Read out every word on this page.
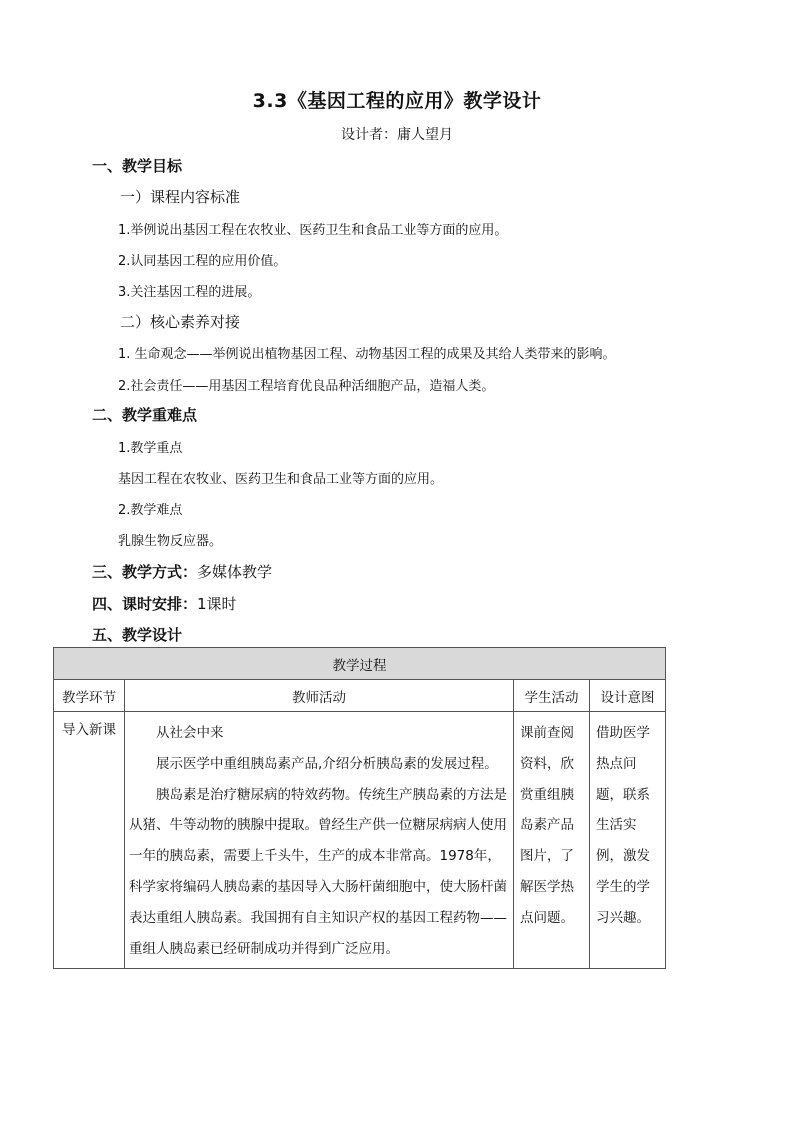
3.3《基因工程的应用》教学设计
设计者：庸人望月
一、教学目标
一）课程内容标准
1.举例说出基因工程在农牧业、医药卫生和食品工业等方面的应用。
2.认同基因工程的应用价值。
3.关注基因工程的进展。
二）核心素养对接
1. 生命观念——举例说出植物基因工程、动物基因工程的成果及其给人类带来的影响。
2.社会责任——用基因工程培育优良品种活细胞产品，造福人类。
二、教学重难点
1.教学重点
基因工程在农牧业、医药卫生和食品工业等方面的应用。
2.教学难点
乳腺生物反应器。
三、教学方式：多媒体教学
四、课时安排：1课时
五、教学设计
教学过程			
教学环节	教师活动	学生活动	设计意图
导入新课	从社会中来

展示医学中重组胰岛素产品,介绍分析胰岛素的发展过程。

胰岛素是治疗糖尿病的特效药物。传统生产胰岛素的方法是从猪、牛等动物的胰腺中提取。曾经生产供一位糖尿病病人使用一年的胰岛素，需要上千头牛，生产的成本非常高。1978年，科学家将编码人胰岛素的基因导入大肠杆菌细胞中，使大肠杆菌表达重组人胰岛素。我国拥有自主知识产权的基因工程药物——重组人胰岛素已经研制成功并得到广泛应用。	课前查阅资料，欣赏重组胰岛素产品图片，了解医学热点问题。	借助医学热点问题，联系生活实例，激发学生的学习兴趣。
